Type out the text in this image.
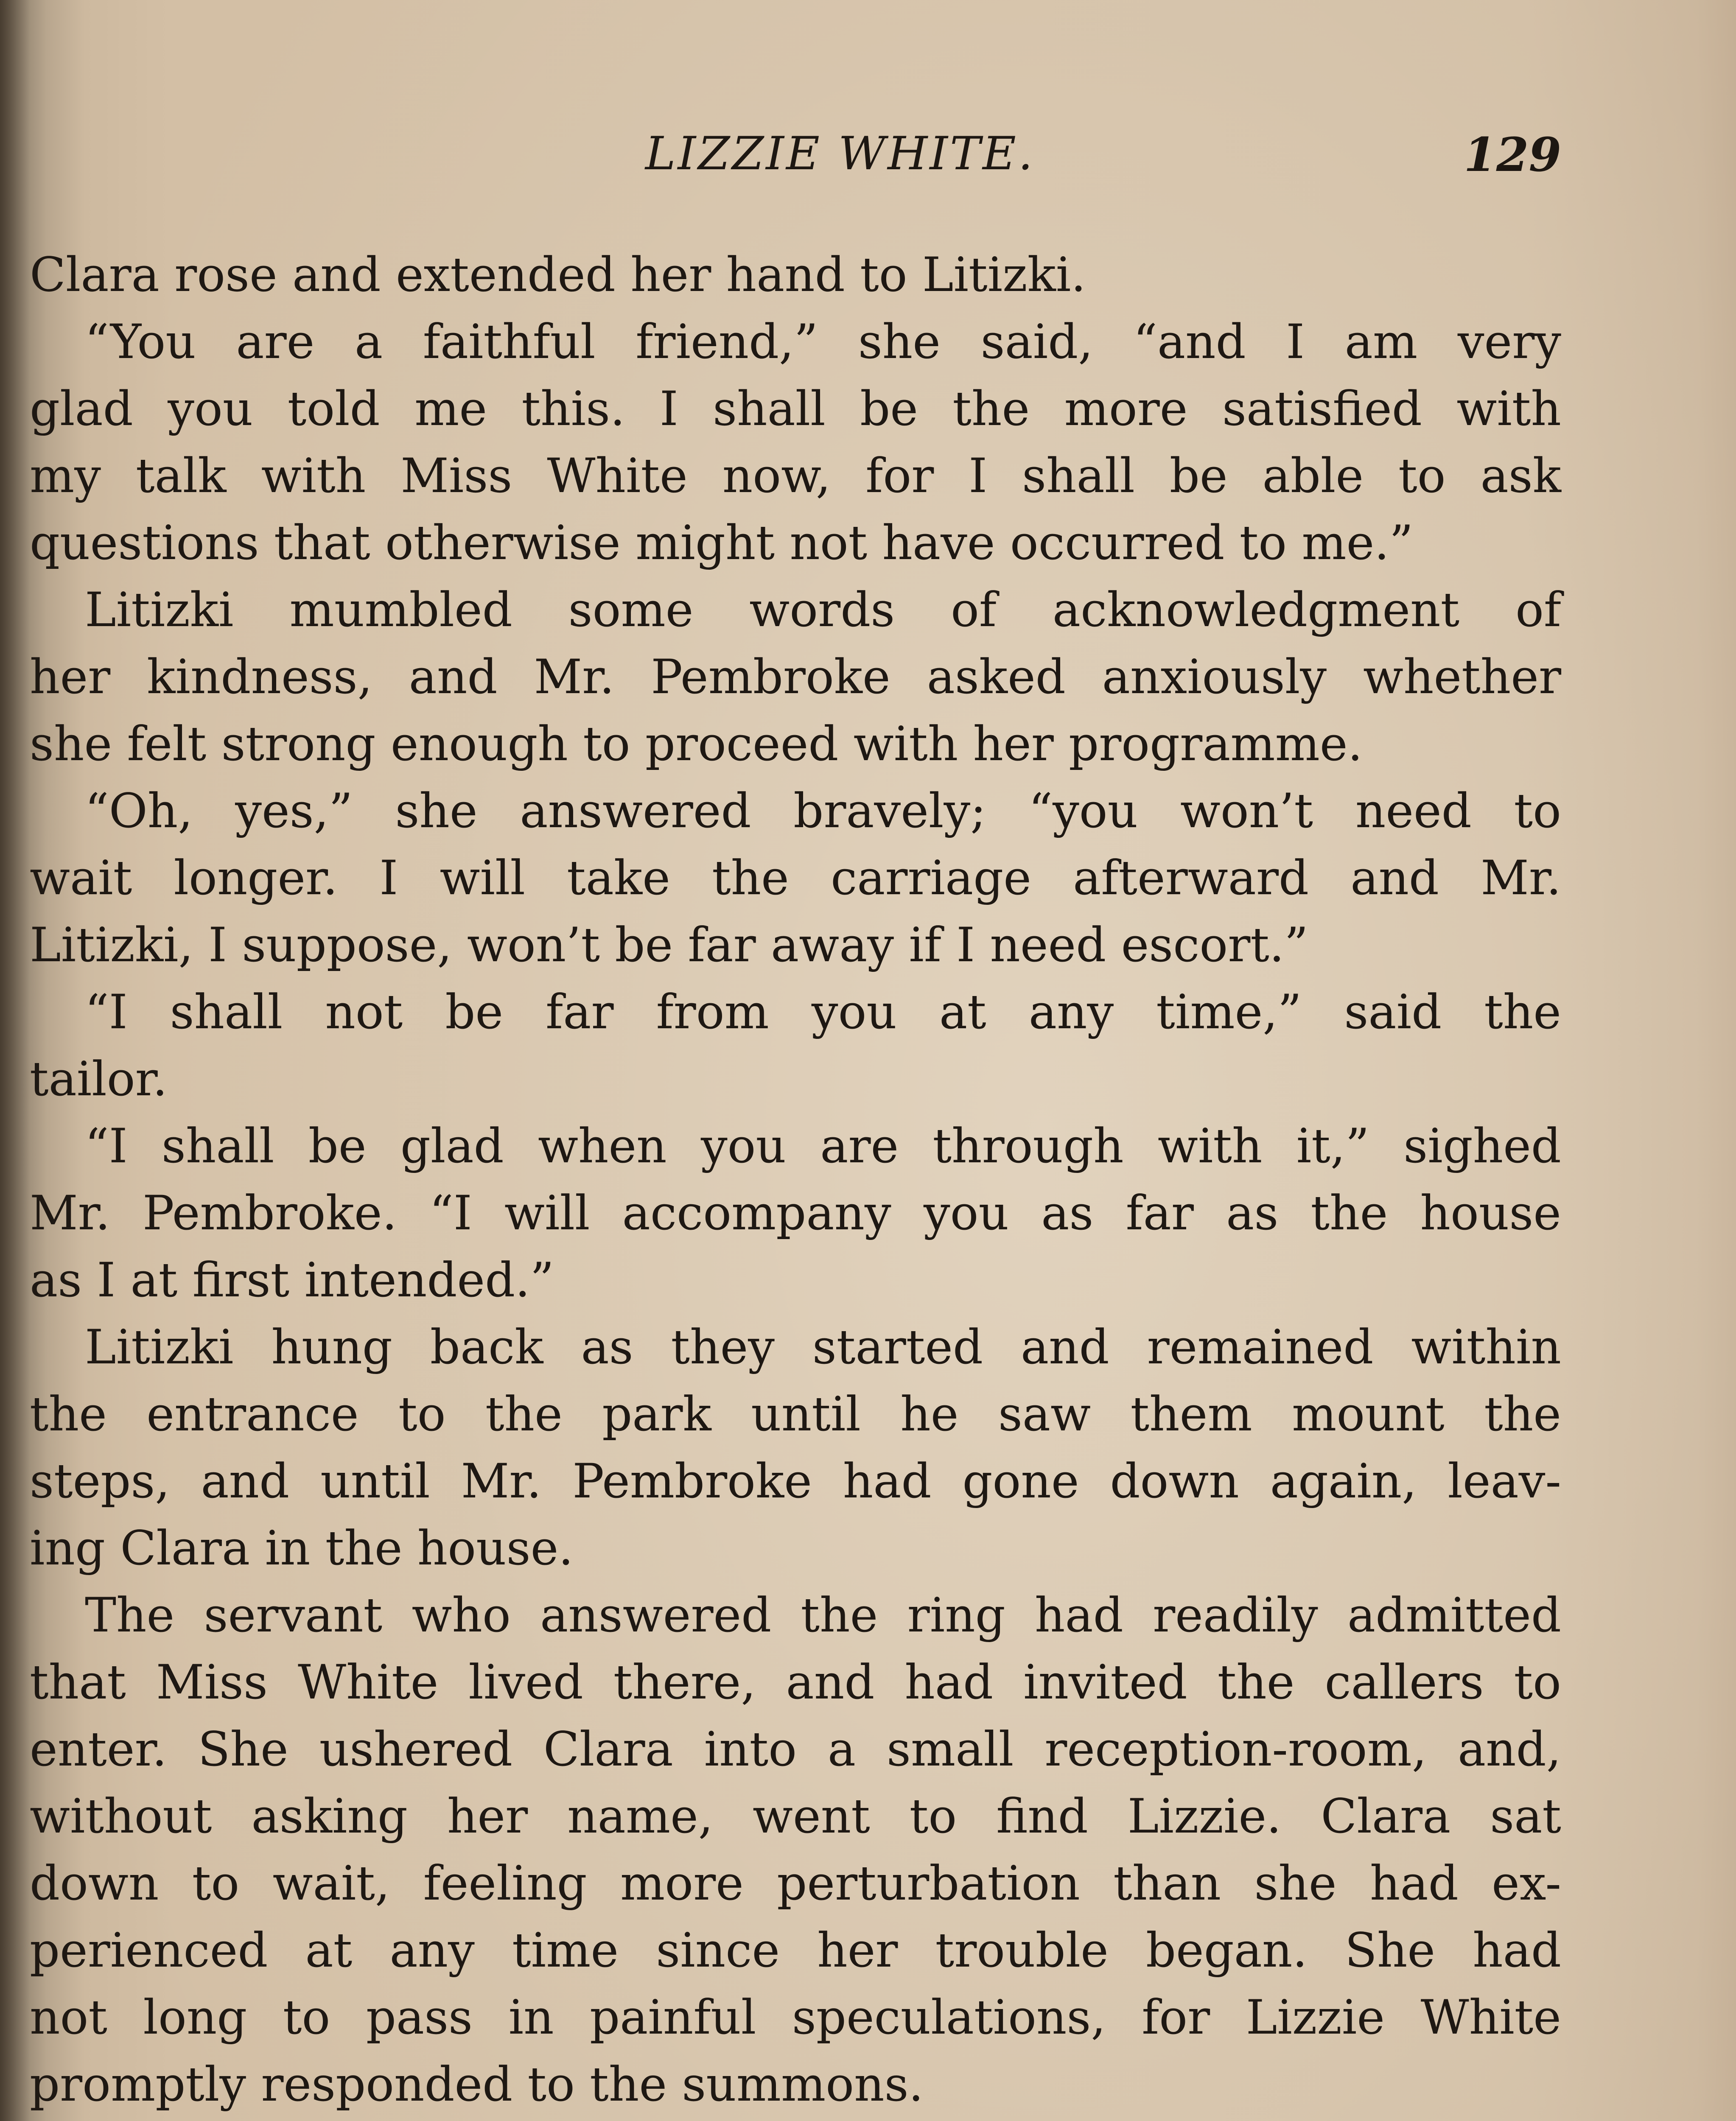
LIZZIE WHITE.	129
Clara rose and extended her hand to Litizki.
“You are a faithful friend,” she said, “and I am very
glad you told me this. I shall be the more satisfied with
my talk with Miss White now, for I shall be able to ask
questions that otherwise might not have occurred to me.”
Litizki mumbled some words of acknowledgment of
her kindness, and Mr. Pembroke asked anxiously whether
she felt strong enough to proceed with her programme.
“Oh, yes,” she answered bravely; “you won’t need to
wait longer. I will take the carriage afterward and Mr.
Litizki, I suppose, won’t be far away if I need escort.”
“I shall not be far from you at any time,” said the
tailor.
“I shall be glad when you are through with it,” sighed
Mr. Pembroke. “I will accompany you as far as the house
as I at first intended.”
Litizki hung back as they started and remained within
the entrance to the park until he saw them mount the
steps, and until Mr. Pembroke had gone down again, leav-
ing Clara in the house.
The servant who answered the ring had readily admitted
that Miss White lived there, and had invited the callers to
enter. She ushered Clara into a small reception-room, and,
without asking her name, went to find Lizzie. Clara sat
down to wait, feeling more perturbation than she had ex-
perienced at any time since her trouble began. She had
not long to pass in painful speculations, for Lizzie White
promptly responded to the summons.
